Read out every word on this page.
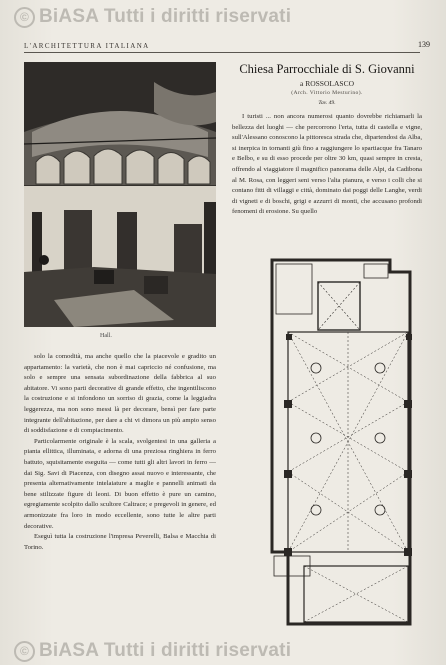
© BiASA Tutti i diritti riservati
L'ARCHITETTURA ITALIANA	139
Hall.
Chiesa Parrocchiale di S. Giovanni
a ROSSOLASCO
(Arch. Vittorio Mesturino).
Tav. 49.

I turisti ... non ancora numerosi quanto dovrebbe richiamarli la bellezza dei luoghi — che percorrono l'erta, tutta di castella e vigne, sull'Alessano conoscono la pittoresca strada che, dipartendosi da Alba, si inerpica in tornanti giù fino a raggiungere lo spartiacque fra Tanaro e Belbo, e su di esso procede per oltre 30 km, quasi sempre in cresta, offrendo al viaggiatore il magnifico panorama delle Alpi, da Cadibona al M. Rosa, con leggeri seni verso l'alta pianura, e verso i colli che si contano fitti di villaggi e città, dominato dai poggi delle Langhe, verdi di vigneti e di boschi, grigi e azzurri di monti, che accusano profondi fenomeni di erosione. Su quello

solo la comodità, ma anche quello che la piacevole e gradito un appartamento: la varietà, che non è mai capriccio né confusione, ma solo e sempre una sensata subordinazione della fabbrica al suo abitatore. Vi sono parti decorative di grande effetto, che ingentiliscono la costruzione e si infondono un sorriso di grazia, come la leggiadra leggerezza, ma non sono messi là per decorare, bensì per fare parte integrante dell'abitazione, per dare a chi vi dimora un più ampio senso di soddisfazione e di compiacimento.

Particolarmente originale è la scala, svolgentesi in una galleria a pianta ellittica, illuminata, e adorna di una preziosa ringhiera in ferro battuto, squisitamente eseguita — come tutti gli altri lavori in ferro — dai Sig. Savi di Piacenza, con disegno assai nuovo e interessante, che presenta alternativamente intelaiature a maglie e pannelli animati da bene stilizzate figure di leoni. Di buon effetto è pure un camino, egregiamente scolpito dallo scultore Caltrace; e pregevoli in genere, ed armonizzate fra loro in modo eccellente, sono tutte le altre parti decorative.

Eseguì tutta la costruzione l'impresa Peverelli, Balsa e Macchia di Torino.

© BiASA Tutti i diritti riservati
